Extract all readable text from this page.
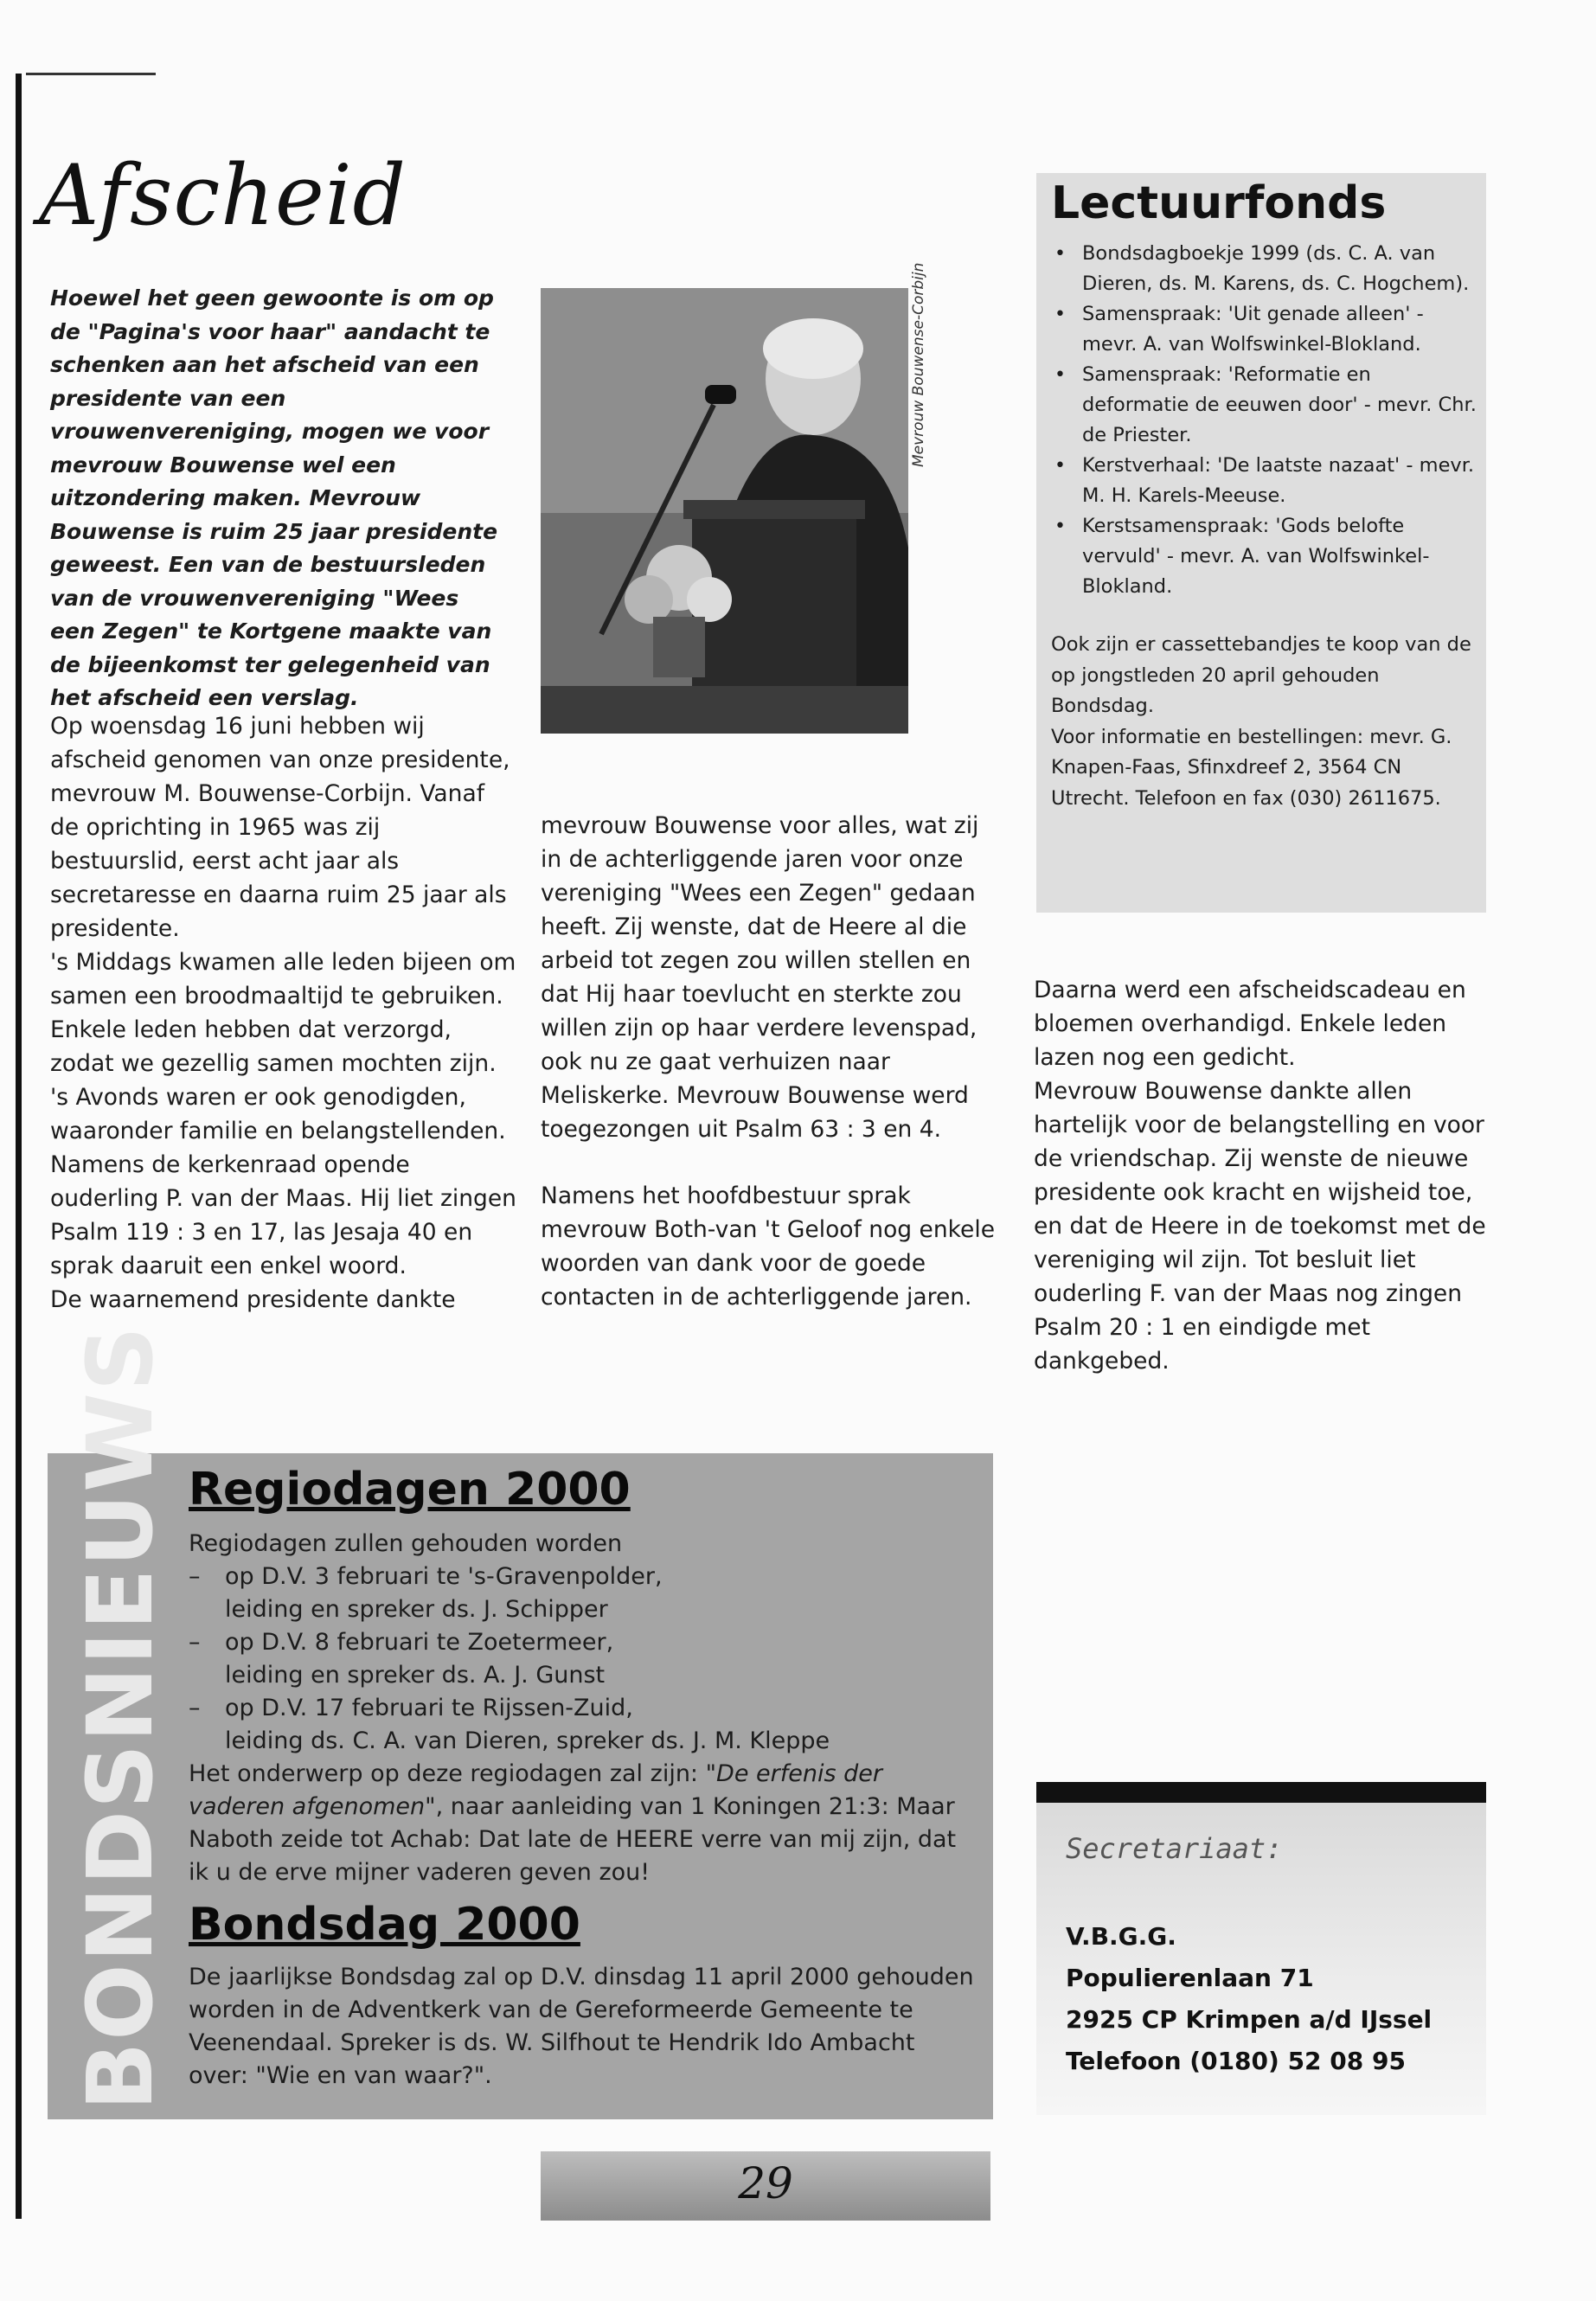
Afscheid
Hoewel het geen gewoonte is om op de "Pagina's voor haar" aandacht te schenken aan het afscheid van een presidente van een vrouwenvereniging, mogen we voor mevrouw Bouwense wel een uitzondering maken. Mevrouw Bouwense is ruim 25 jaar presidente geweest. Een van de bestuursleden van de vrouwenvereniging "Wees een Zegen" te Kortgene maakte van de bijeenkomst ter gelegenheid van het afscheid een verslag.
Mevrouw Bouwense-Corbijn

Op woensdag 16 juni hebben wij afscheid genomen van onze presidente, mevrouw M. Bouwense-Corbijn. Vanaf de oprichting in 1965 was zij bestuurslid, eerst acht jaar als secretaresse en daarna ruim 25 jaar als presidente.

's Middags kwamen alle leden bijeen om samen een broodmaaltijd te gebruiken. Enkele leden hebben dat verzorgd, zodat we gezellig samen mochten zijn.

's Avonds waren er ook genodigden, waaronder familie en belangstellenden. Namens de kerkenraad opende ouderling P. van der Maas. Hij liet zingen Psalm 119 : 3 en 17, las Jesaja 40 en sprak daaruit een enkel woord.

De waarnemend presidente dankte

mevrouw Bouwense voor alles, wat zij in de achterliggende jaren voor onze vereniging "Wees een Zegen" gedaan heeft. Zij wenste, dat de Heere al die arbeid tot zegen zou willen stellen en dat Hij haar toevlucht en sterkte zou willen zijn op haar verdere levenspad, ook nu ze gaat verhuizen naar Meliskerke. Mevrouw Bouwense werd toegezongen uit Psalm 63 : 3 en 4.

Namens het hoofdbestuur sprak mevrouw Both-van 't Geloof nog enkele woorden van dank voor de goede contacten in de achterliggende jaren.

Daarna werd een afscheidscadeau en bloemen overhandigd. Enkele leden lazen nog een gedicht.

Mevrouw Bouwense dankte allen hartelijk voor de belangstelling en voor de vriendschap. Zij wenste de nieuwe presidente ook kracht en wijsheid toe, en dat de Heere in de toekomst met de vereniging wil zijn. Tot besluit liet ouderling F. van der Maas nog zingen Psalm 20 : 1 en eindigde met dankgebed.

Lectuurfonds
• Bondsdagboekje 1999 (ds. C. A. van Dieren, ds. M. Karens, ds. C. Hogchem).
• Samenspraak: 'Uit genade alleen' - mevr. A. van Wolfswinkel-Blokland.
• Samenspraak: 'Reformatie en deformatie de eeuwen door' - mevr. Chr. de Priester.
• Kerstverhaal: 'De laatste nazaat' - mevr. M. H. Karels-Meeuse.
• Kerstsamenspraak: 'Gods belofte vervuld' - mevr. A. van Wolfswinkel-Blokland.

Ook zijn er cassettebandjes te koop van de op jongstleden 20 april gehouden Bondsdag.

Voor informatie en bestellingen: mevr. G. Knapen-Faas, Sfinxdreef 2, 3564 CN Utrecht. Telefoon en fax (030) 2611675.

BONDSNIEUWS Regiodagen 2000
Regiodagen zullen gehouden worden
– op D.V. 3 februari te 's-Gravenpolder,
leiding en spreker ds. J. Schipper
– op D.V. 8 februari te Zoetermeer,
leiding en spreker ds. A. J. Gunst
– op D.V. 17 februari te Rijssen-Zuid,
leiding ds. C. A. van Dieren, spreker ds. J. M. Kleppe
Het onderwerp op deze regiodagen zal zijn: "De erfenis der vaderen afgenomen", naar aanleiding van 1 Koningen 21:3: Maar Naboth zeide tot Achab: Dat late de HEERE verre van mij zijn, dat ik u de erve mijner vaderen geven zou!
Bondsdag 2000
De jaarlijkse Bondsdag zal op D.V. dinsdag 11 april 2000 gehouden worden in de Adventkerk van de Gereformeerde Gemeente te Veenendaal. Spreker is ds. W. Silfhout te Hendrik Ido Ambacht over: "Wie en van waar?".
Secretariaat:
V.B.G.G.
Populierenlaan 71
2925 CP Krimpen a/d IJssel
Telefoon (0180) 52 08 95
29
